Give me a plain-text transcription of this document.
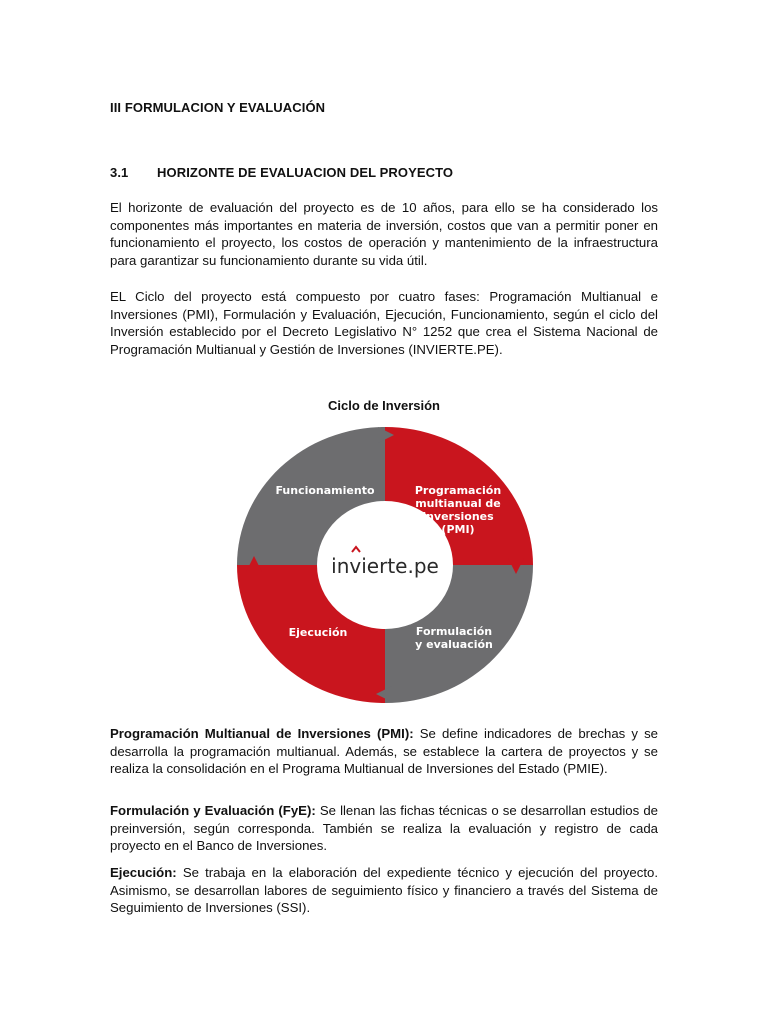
III FORMULACION Y EVALUACIÓN
3.1 HORIZONTE DE EVALUACION DEL PROYECTO

El horizonte de evaluación del proyecto es de 10 años, para ello se ha considerado los componentes más importantes en materia de inversión, costos que van a permitir poner en funcionamiento el proyecto, los costos de operación y mantenimiento de la infraestructura para garantizar su funcionamiento durante su vida útil.

EL Ciclo del proyecto está compuesto por cuatro fases: Programación Multianual e Inversiones (PMI), Formulación y Evaluación, Ejecución, Funcionamiento, según el ciclo del Inversión establecido por el Decreto Legislativo N° 1252 que crea el Sistema Nacional de Programación Multianual y Gestión de Inversiones (INVIERTE.PE).

Ciclo de Inversión
invierte.pe
Funcionamiento	Programación
multianual de
inversiones
(PMI)
Ejecución	Formulación
y evaluación

Programación Multianual de Inversiones (PMI): Se define indicadores de brechas y se desarrolla la programación multianual. Además, se establece la cartera de proyectos y se realiza la consolidación en el Programa Multianual de Inversiones del Estado (PMIE).

Formulación y Evaluación (FyE): Se llenan las fichas técnicas o se desarrollan estudios de preinversión, según corresponda. También se realiza la evaluación y registro de cada proyecto en el Banco de Inversiones.

Ejecución: Se trabaja en la elaboración del expediente técnico y ejecución del proyecto. Asimismo, se desarrollan labores de seguimiento físico y financiero a través del Sistema de Seguimiento de Inversiones (SSI).
